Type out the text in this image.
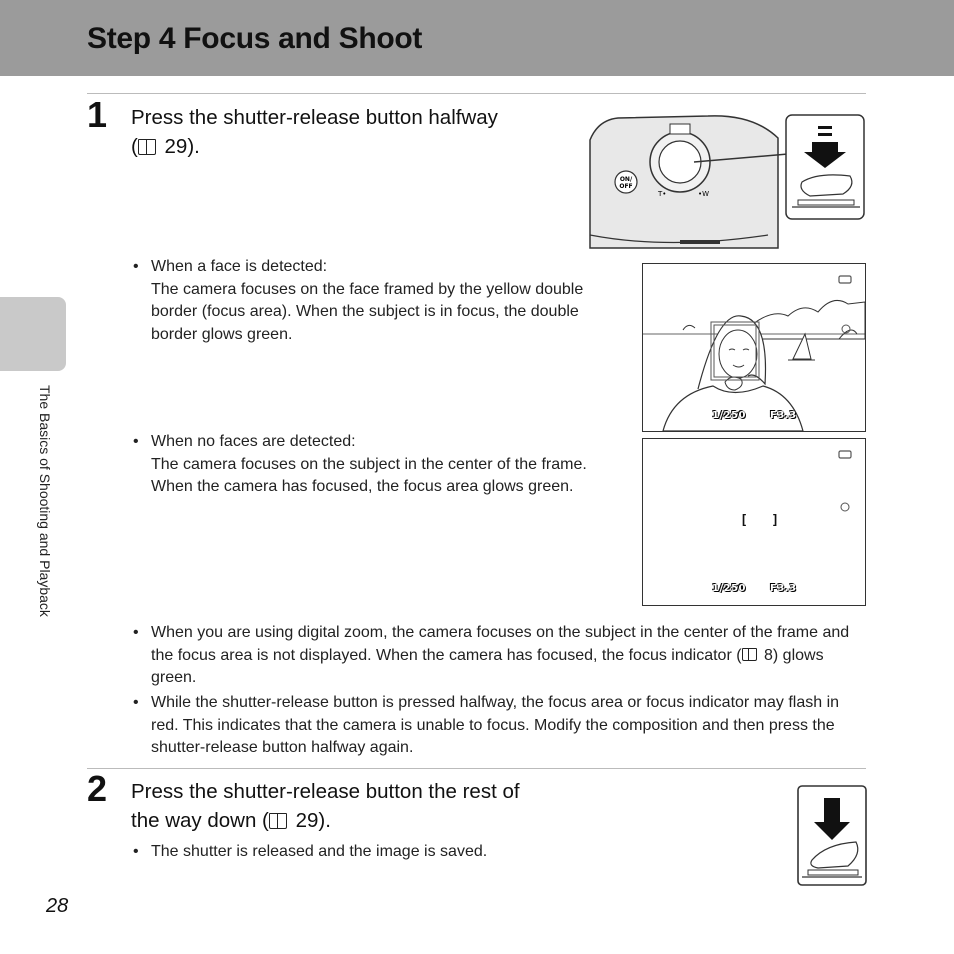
Step 4 Focus and Shoot
The Basics of Shooting and Playback
1 Press the shutter-release button halfway
( 29).
ON/
OFF
T•	•W
• When a face is detected:
The camera focuses on the face framed by the yellow double border (focus area). When the subject is in focus, the double border glows green.
1/250 F3.3
• When no faces are detected:
The camera focuses on the subject in the center of the frame. When the camera has focused, the focus area glows green.
[   ]
1/250 F3.3
• When you are using digital zoom, the camera focuses on the subject in the center of the frame and the focus area is not displayed. When the camera has focused, the focus indicator ( 8) glows green.
• While the shutter-release button is pressed halfway, the focus area or focus indicator may flash in red. This indicates that the camera is unable to focus. Modify the composition and then press the shutter-release button halfway again.
2 Press the shutter-release button the rest of
the way down ( 29).
• The shutter is released and the image is saved.
28
